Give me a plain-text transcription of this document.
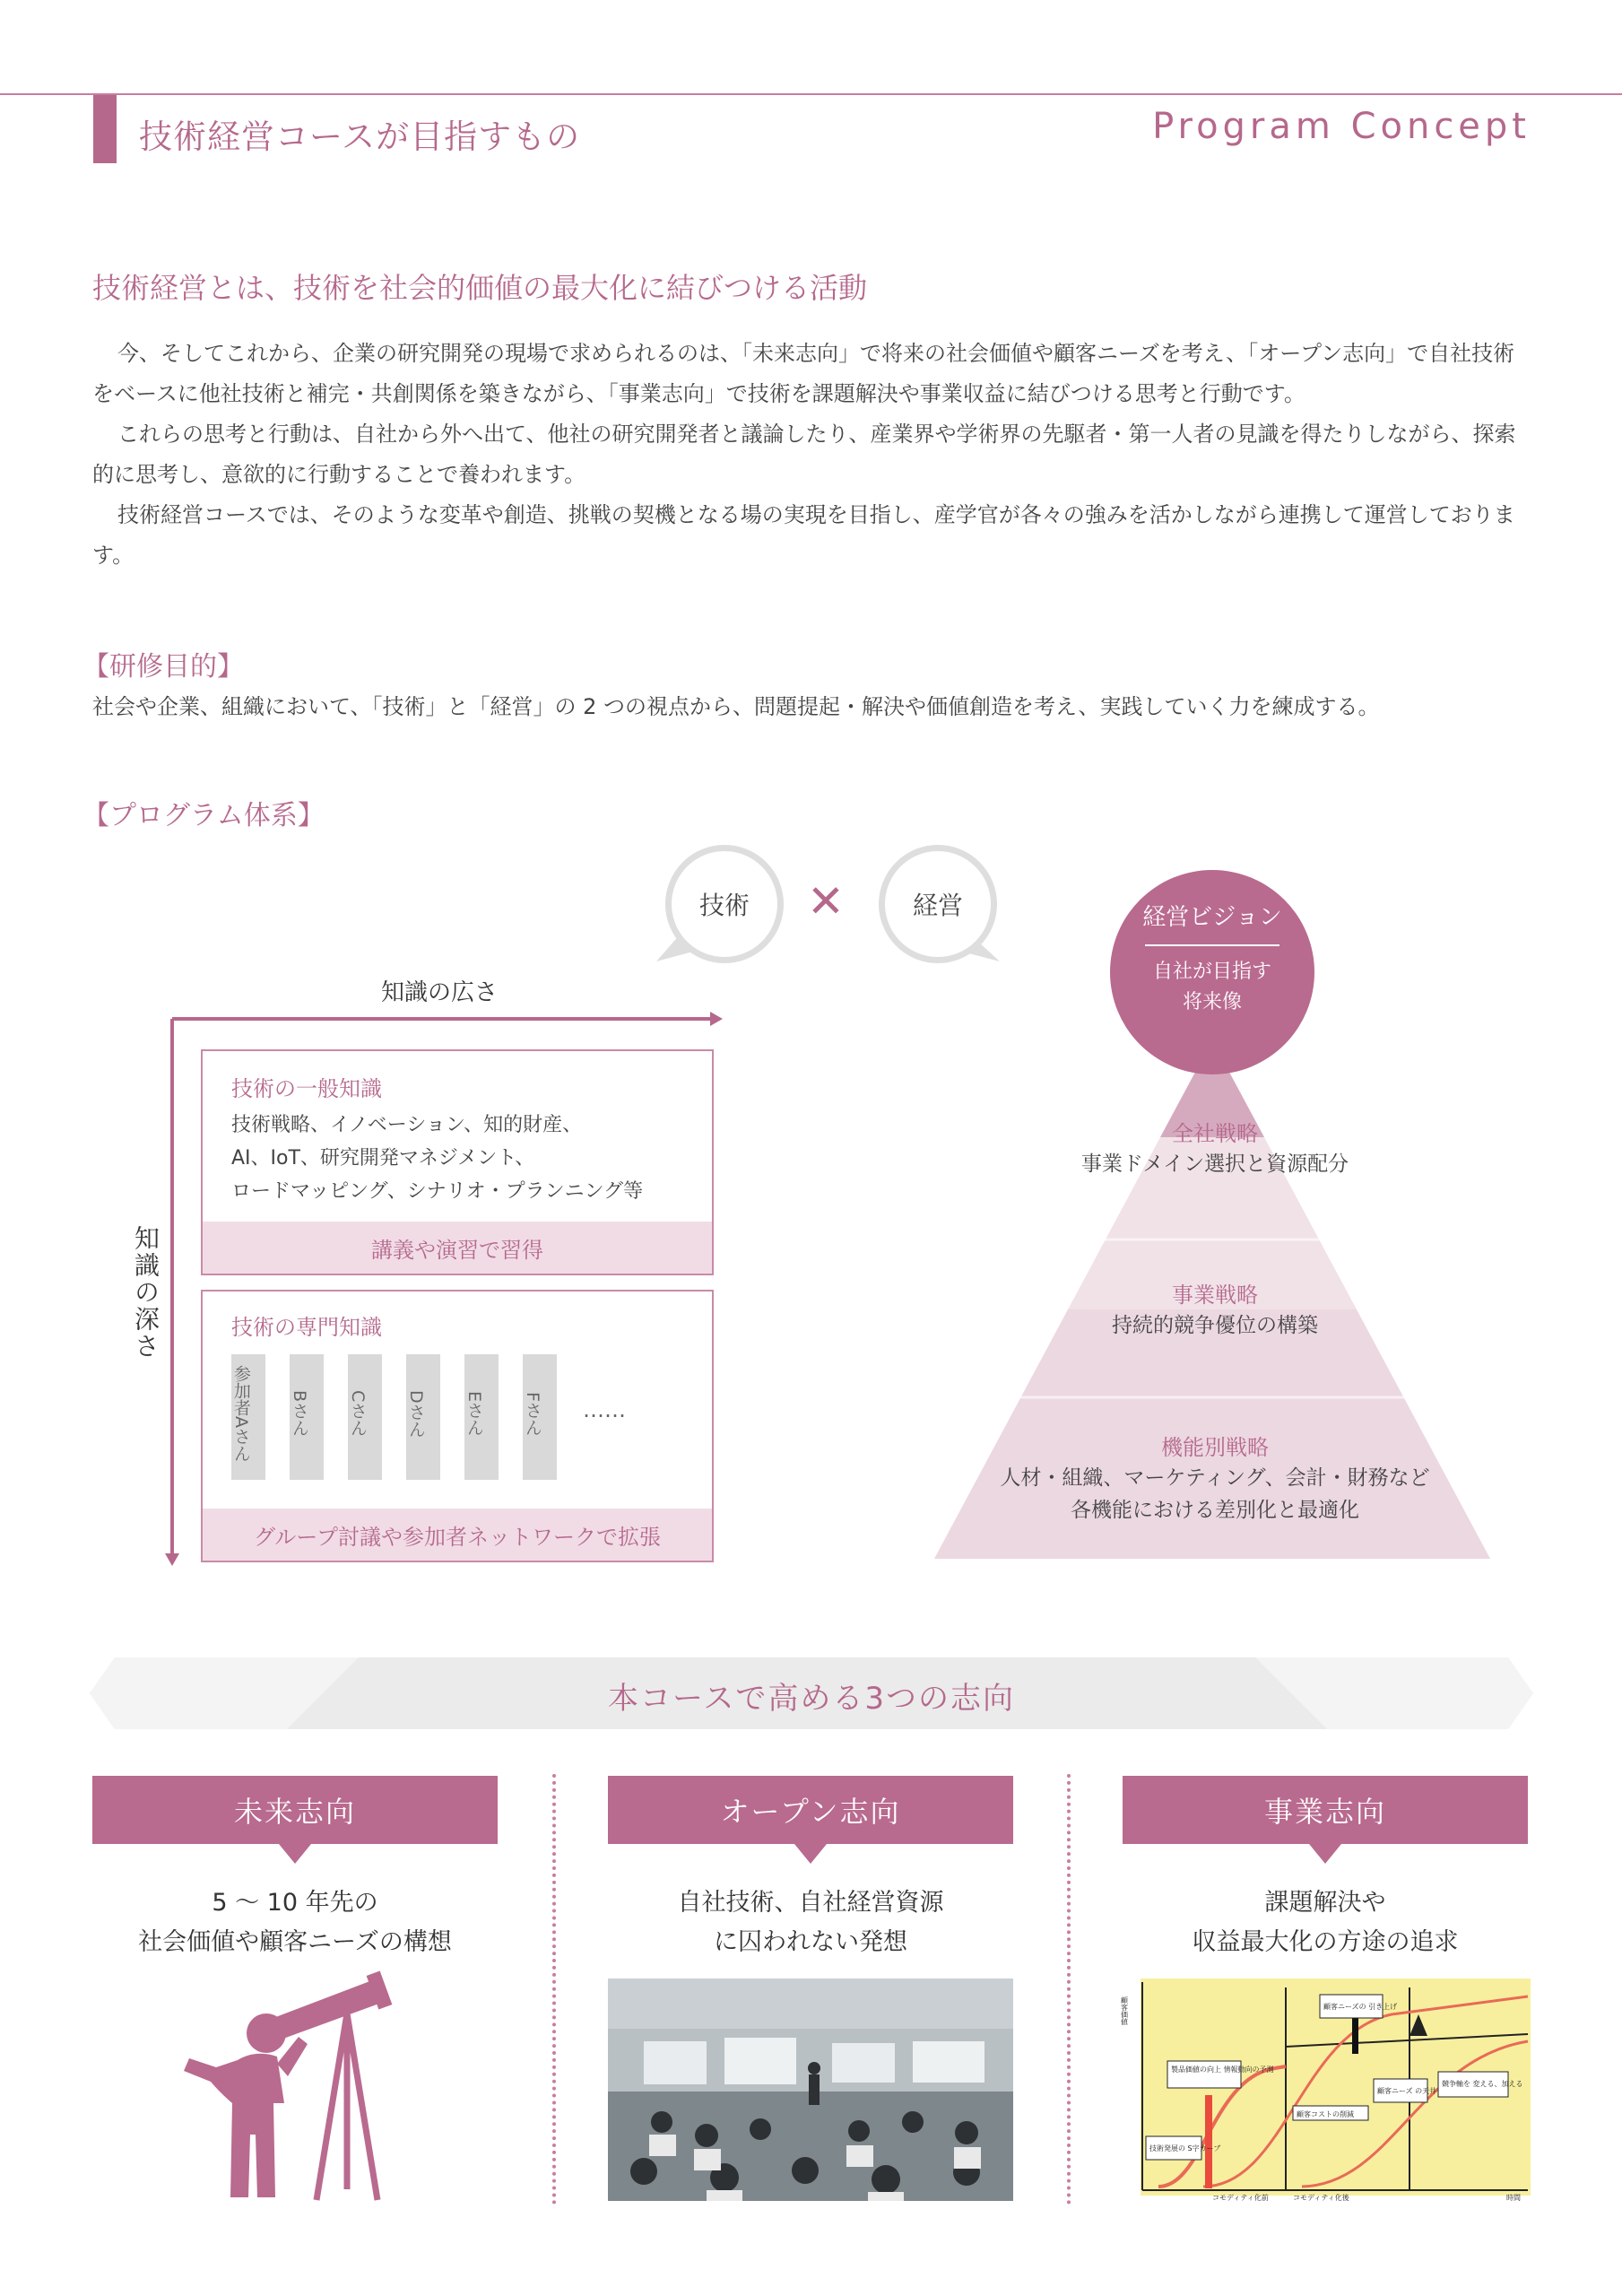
技術経営コースが目指すもの	Program Concept
技術経営とは、技術を社会的価値の最大化に結びつける活動

今、そしてこれから、企業の研究開発の現場で求められるのは、「未来志向」で将来の社会価値や顧客ニーズを考え、「オープン志向」で自社技術をベースに他社技術と補完・共創関係を築きながら、「事業志向」で技術を課題解決や事業収益に結びつける思考と行動です。

これらの思考と行動は、自社から外へ出て、他社の研究開発者と議論したり、産業界や学術界の先駆者・第一人者の見識を得たりしながら、探索的に思考し、意欲的に行動することで養われます。

技術経営コースでは、そのような変革や創造、挑戦の契機となる場の実現を目指し、産学官が各々の強みを活かしながら連携して運営しております。

【研修目的】
社会や企業、組織において、「技術」と「経営」の 2 つの視点から、問題提起・解決や価値創造を考え、実践していく力を練成する。
【プログラム体系】
技術	✕	経営
知識の広さ
知識の深さ
技術の一般知識
技術戦略、イノベーション、知的財産、
AI、IoT、研究開発マネジメント、
ロードマッピング、シナリオ・プランニング等
講義や演習で習得
技術の専門知識
参加者Aさん	Bさん	Cさん	Dさん	Eさん	Fさん	……
グループ討議や参加者ネットワークで拡張
経営ビジョン
自社が目指す
将来像
全社戦略
事業ドメイン選択と資源配分
事業戦略
持続的競争優位の構築
機能別戦略
人材・組織、マーケティング、会計・財務など
各機能における差別化と最適化
本コースで高める3つの志向
未来志向
5 ～ 10 年先の
社会価値や顧客ニーズの構想
オープン志向
自社技術、自社経営資源
に囚われない発想
事業志向
課題解決や
収益最大化の方途の追求
顧客価値
製品価値の向上 情報動向の予測
顧客ニーズの 引き上げ
顧客ニーズ の天井
顧客コストの削減
競争軸を 変える、加える
技術発展の S字カーブ
コモディティ化前	コモディティ化後	時間
